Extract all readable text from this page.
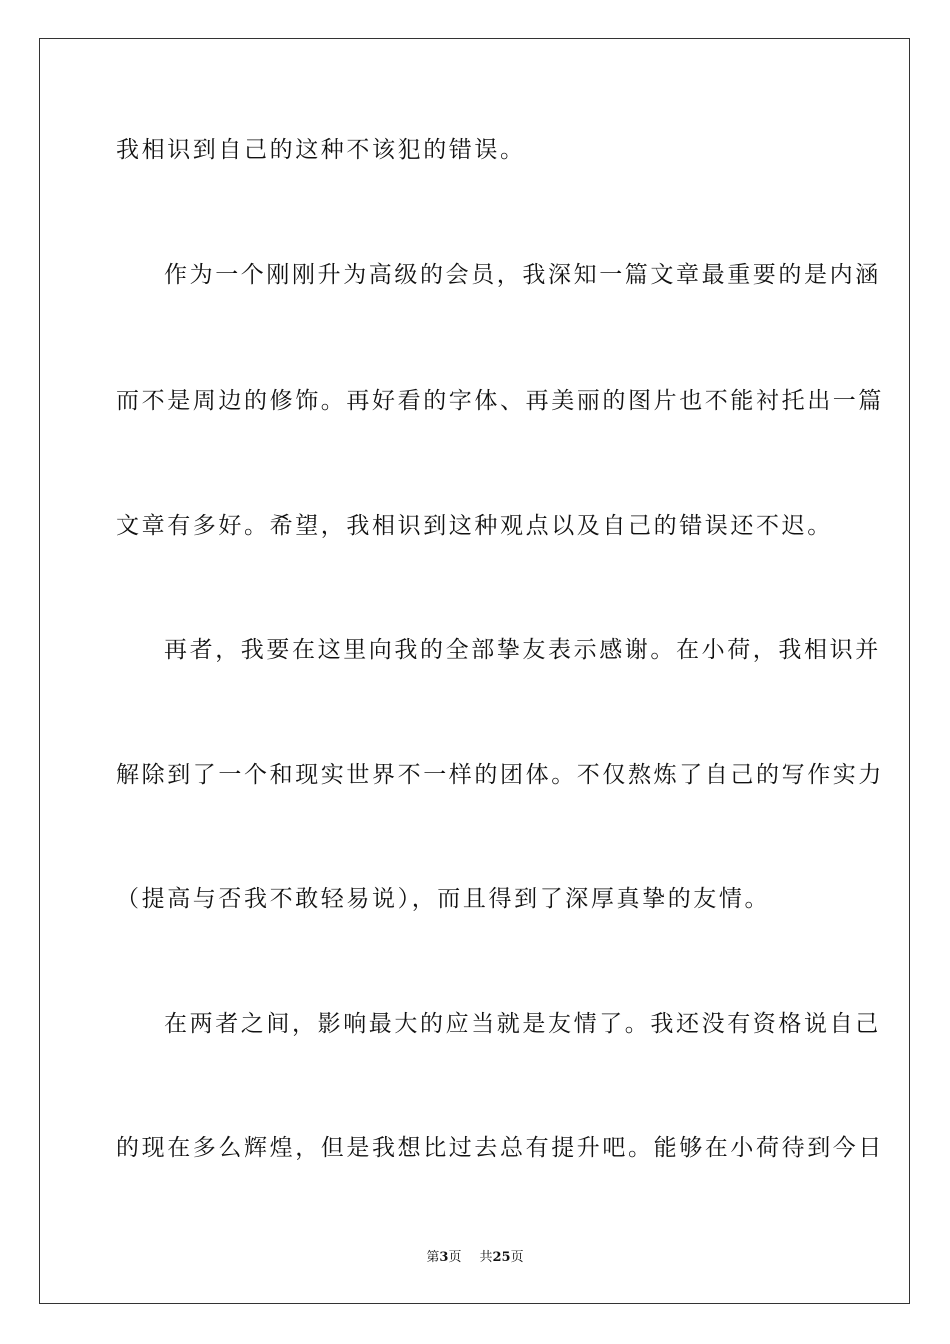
我相识到自己的这种不该犯的错误。
作为一个刚刚升为高级的会员，我深知一篇文章最重要的是内涵
而不是周边的修饰。再好看的字体、再美丽的图片也不能衬托出一篇
文章有多好。希望，我相识到这种观点以及自己的错误还不迟。
再者，我要在这里向我的全部挚友表示感谢。在小荷，我相识并
解除到了一个和现实世界不一样的团体。不仅熬炼了自己的写作实力
（提高与否我不敢轻易说），而且得到了深厚真挚的友情。
在两者之间，影响最大的应当就是友情了。我还没有资格说自己
的现在多么辉煌，但是我想比过去总有提升吧。能够在小荷待到今日
第3页 共25页
